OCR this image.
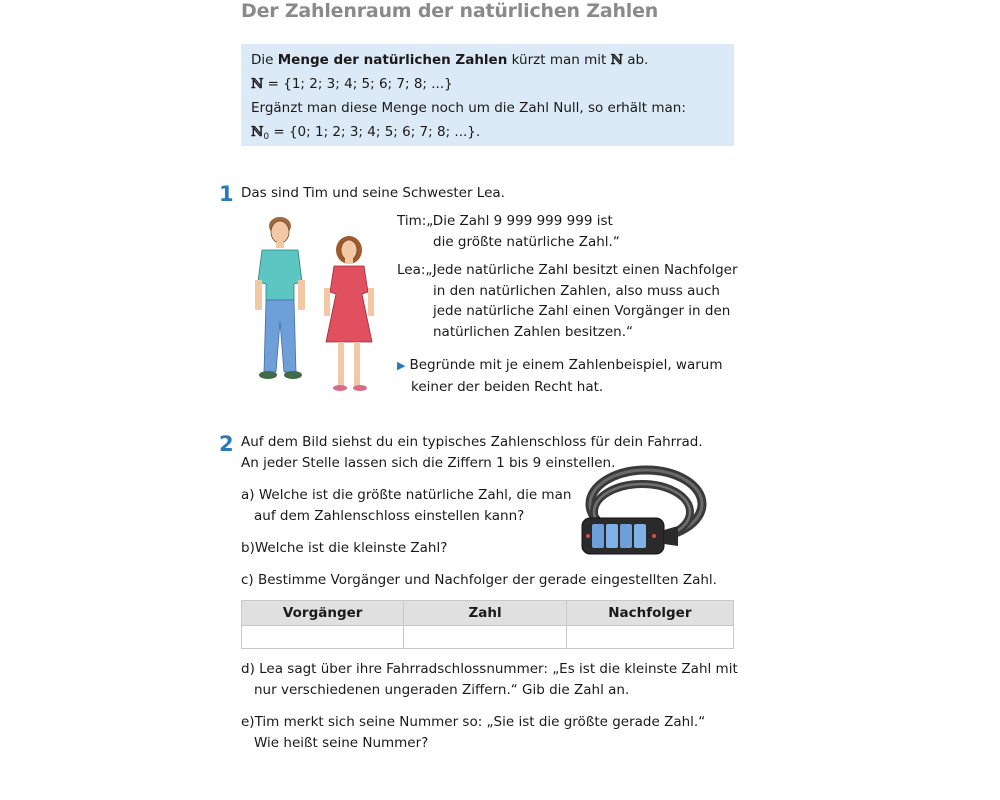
Der Zahlenraum der natürlichen Zahlen

Die Menge der natürlichen Zahlen kürzt man mit ℕ ab.

ℕ = {1; 2; 3; 4; 5; 6; 7; 8; ...}

Ergänzt man diese Menge noch um die Zahl Null, so erhält man:

ℕ$_0$ = {0; 1; 2; 3; 4; 5; 6; 7; 8; ...}.

1 Das sind Tim und seine Schwester Lea.

Tim:„Die Zahl 9 999 999 999 ist
die größte natürliche Zahl.“
Lea:„Jede natürliche Zahl besitzt einen Nachfolger
in den natürlichen Zahlen, also muss auch
jede natürliche Zahl einen Vorgänger in den
natürlichen Zahlen besitzen.“
▶ Begründe mit je einem Zahlenbeispiel, warum
keiner der beiden Recht hat.
2 Auf dem Bild siehst du ein typisches Zahlenschloss für dein Fahrrad.

An jeder Stelle lassen sich die Ziffern 1 bis 9 einstellen.

a) Welche ist die größte natürliche Zahl, die man

auf dem Zahlenschloss einstellen kann?

b)Welche ist die kleinste Zahl?

c) Bestimme Vorgänger und Nachfolger der gerade eingestellten Zahl.

Vorgänger	Zahl	Nachfolger

d) Lea sagt über ihre Fahrradschlossnummer: „Es ist die kleinste Zahl mit

nur verschiedenen ungeraden Ziffern.“ Gib die Zahl an.

e)Tim merkt sich seine Nummer so: „Sie ist die größte gerade Zahl.“

Wie heißt seine Nummer?
